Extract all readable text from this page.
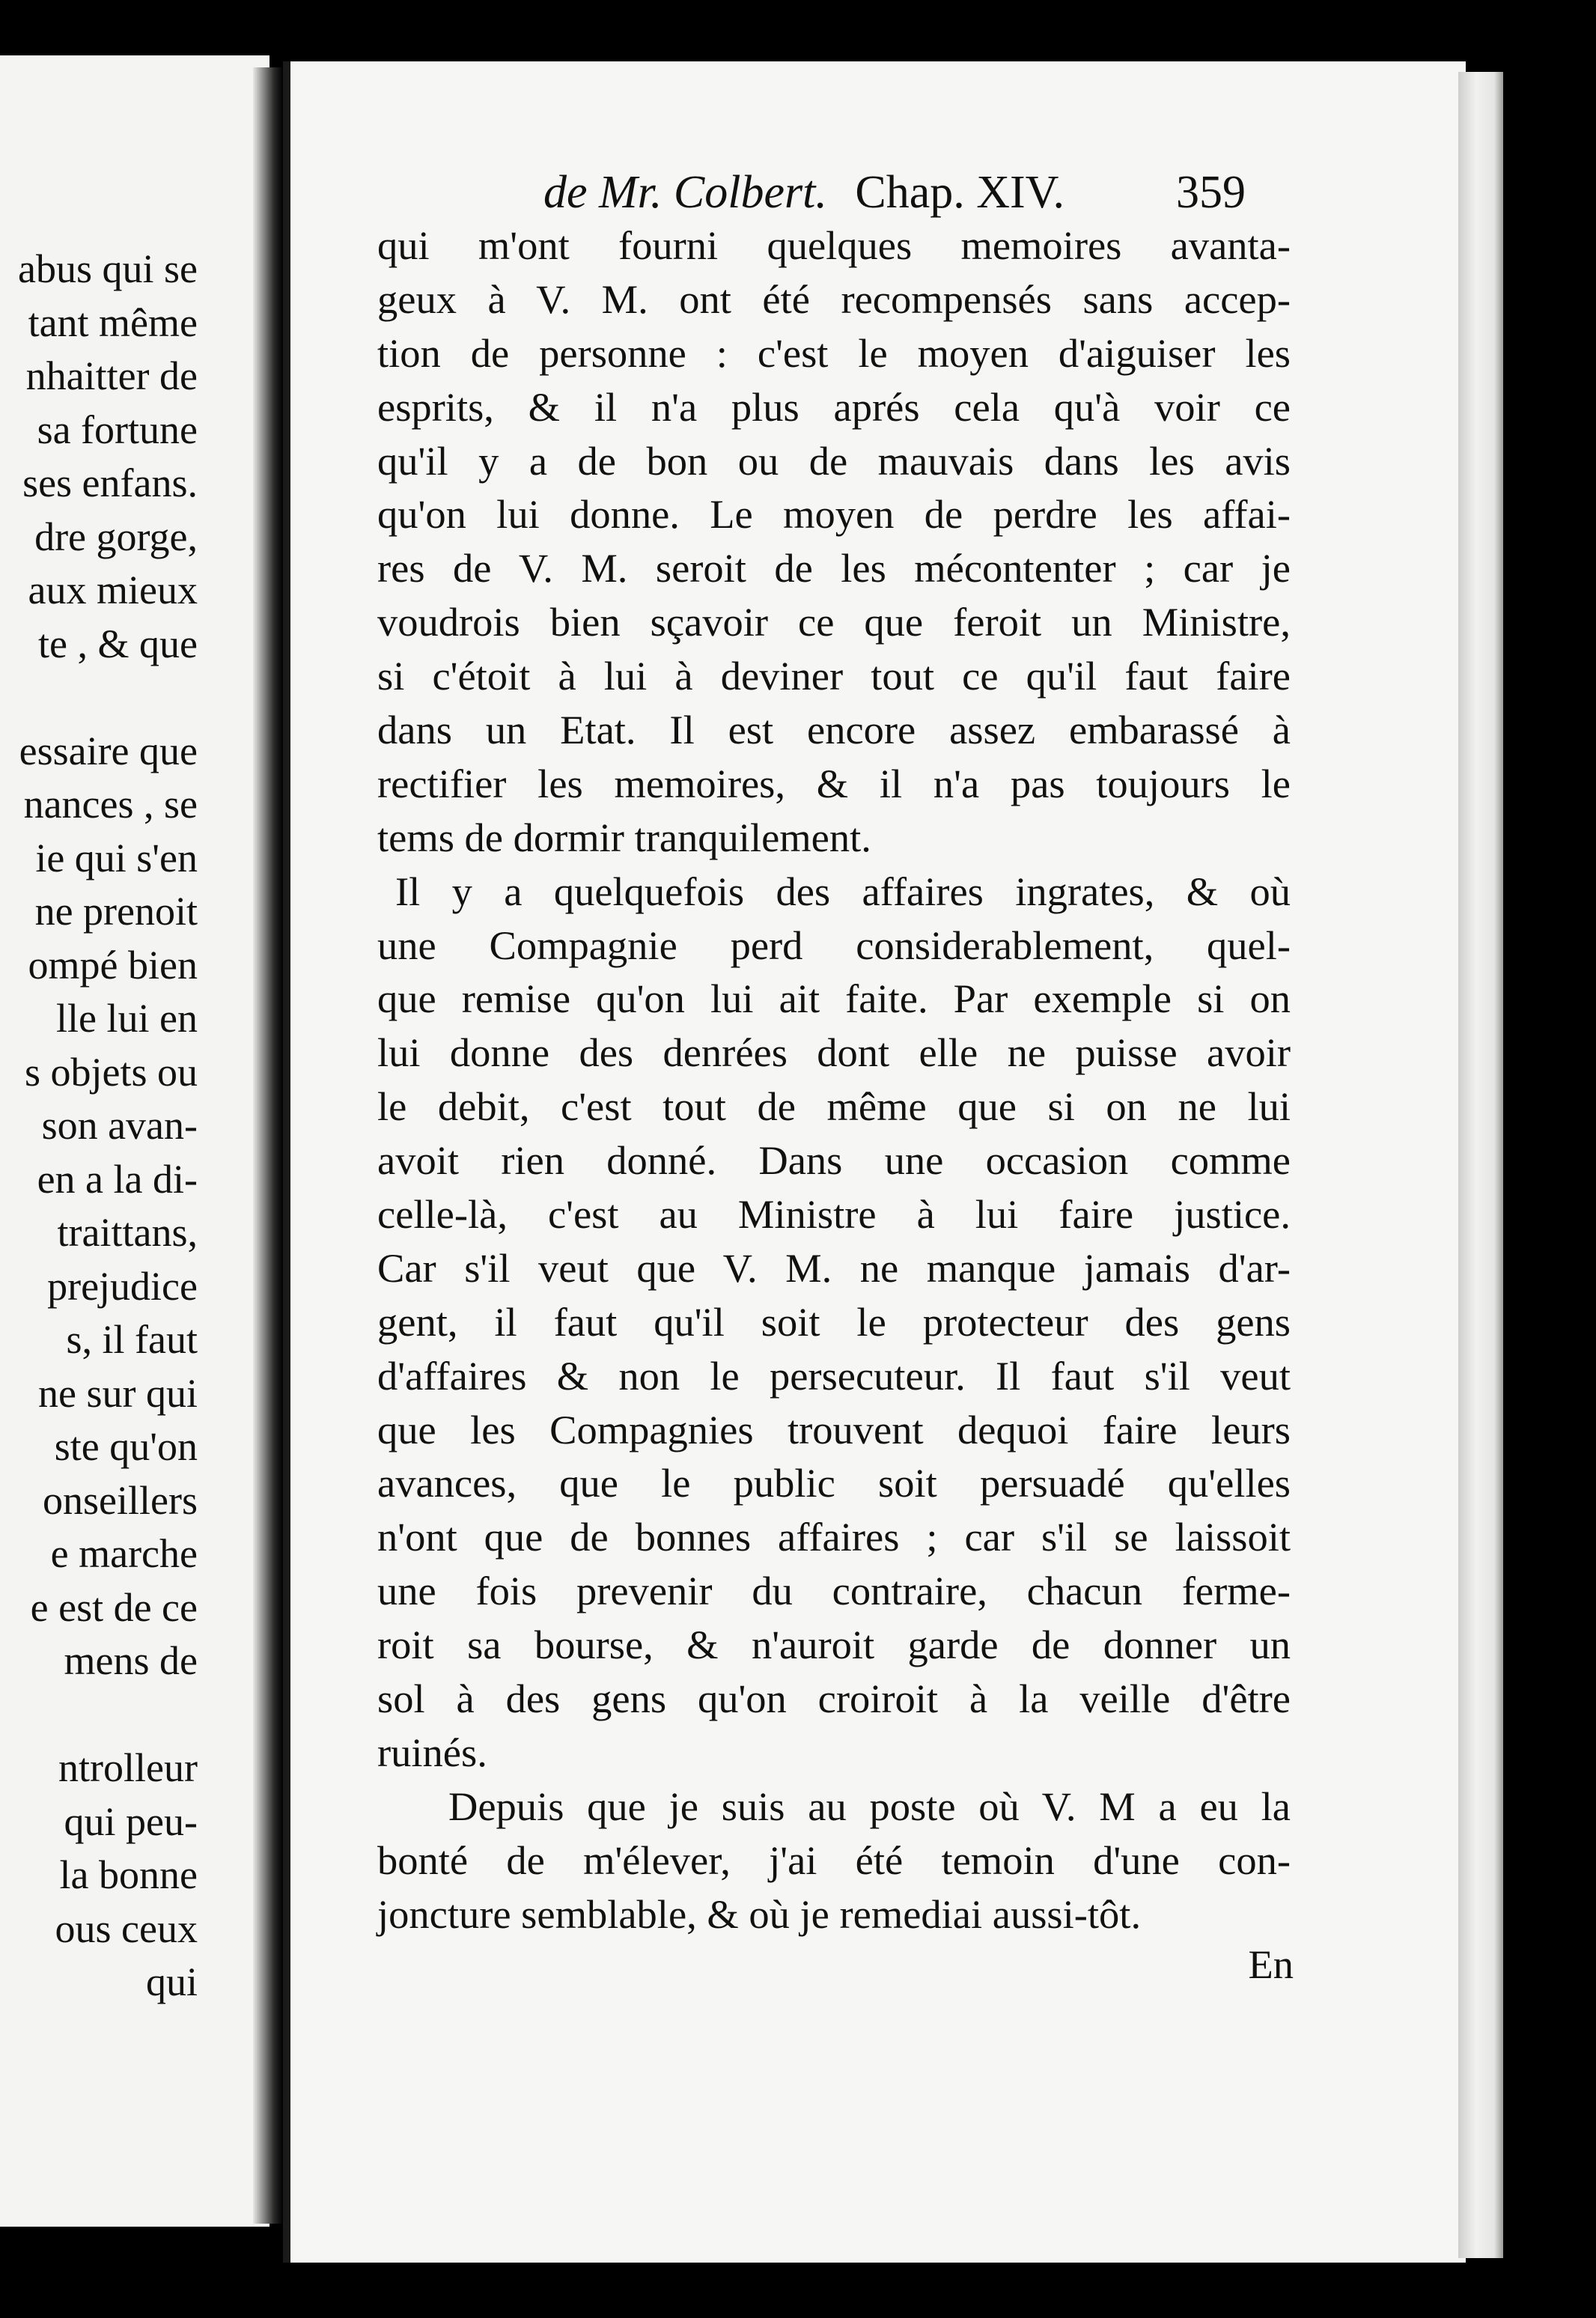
abus qui se
tant même
nhaitter de
sa fortune
ses enfans.
dre gorge,
aux mieux
te , & que

essaire que
nances , se
ie qui s'en
ne prenoit
ompé bien
lle lui en
s objets ou
son avan-
en a la di-
traittans,
prejudice
s, il faut
ne sur qui
ste qu'on
onseillers
e marche
e est de ce
mens de

ntrolleur
qui peu-
la bonne
ous ceux
qui
de Mr. Colbert. Chap. XIV. 359
qui m'ont fourni quelques memoires avanta-
geux à V. M. ont été recompensés sans accep-
tion de personne : c'est le moyen d'aiguiser les
esprits, & il n'a plus aprés cela qu'à voir ce
qu'il y a de bon ou de mauvais dans les avis
qu'on lui donne. Le moyen de perdre les affai-
res de V. M. seroit de les mécontenter ; car je
voudrois bien sçavoir ce que feroit un Ministre,
si c'étoit à lui à deviner tout ce qu'il faut faire
dans un Etat. Il est encore assez embarassé à
rectifier les memoires, & il n'a pas toujours le
tems de dormir tranquilement.
Il y a quelquefois des affaires ingrates, & où
une Compagnie perd considerablement, quel-
que remise qu'on lui ait faite. Par exemple si on
lui donne des denrées dont elle ne puisse avoir
le debit, c'est tout de même que si on ne lui
avoit rien donné. Dans une occasion comme
celle-là, c'est au Ministre à lui faire justice.
Car s'il veut que V. M. ne manque jamais d'ar-
gent, il faut qu'il soit le protecteur des gens
d'affaires & non le persecuteur. Il faut s'il veut
que les Compagnies trouvent dequoi faire leurs
avances, que le public soit persuadé qu'elles
n'ont que de bonnes affaires ; car s'il se laissoit
une fois prevenir du contraire, chacun ferme-
roit sa bourse, & n'auroit garde de donner un
sol à des gens qu'on croiroit à la veille d'être
ruinés.
Depuis que je suis au poste où V. M a eu la
bonté de m'élever, j'ai été temoin d'une con-
joncture semblable, & où je remediai aussi-tôt.
En
